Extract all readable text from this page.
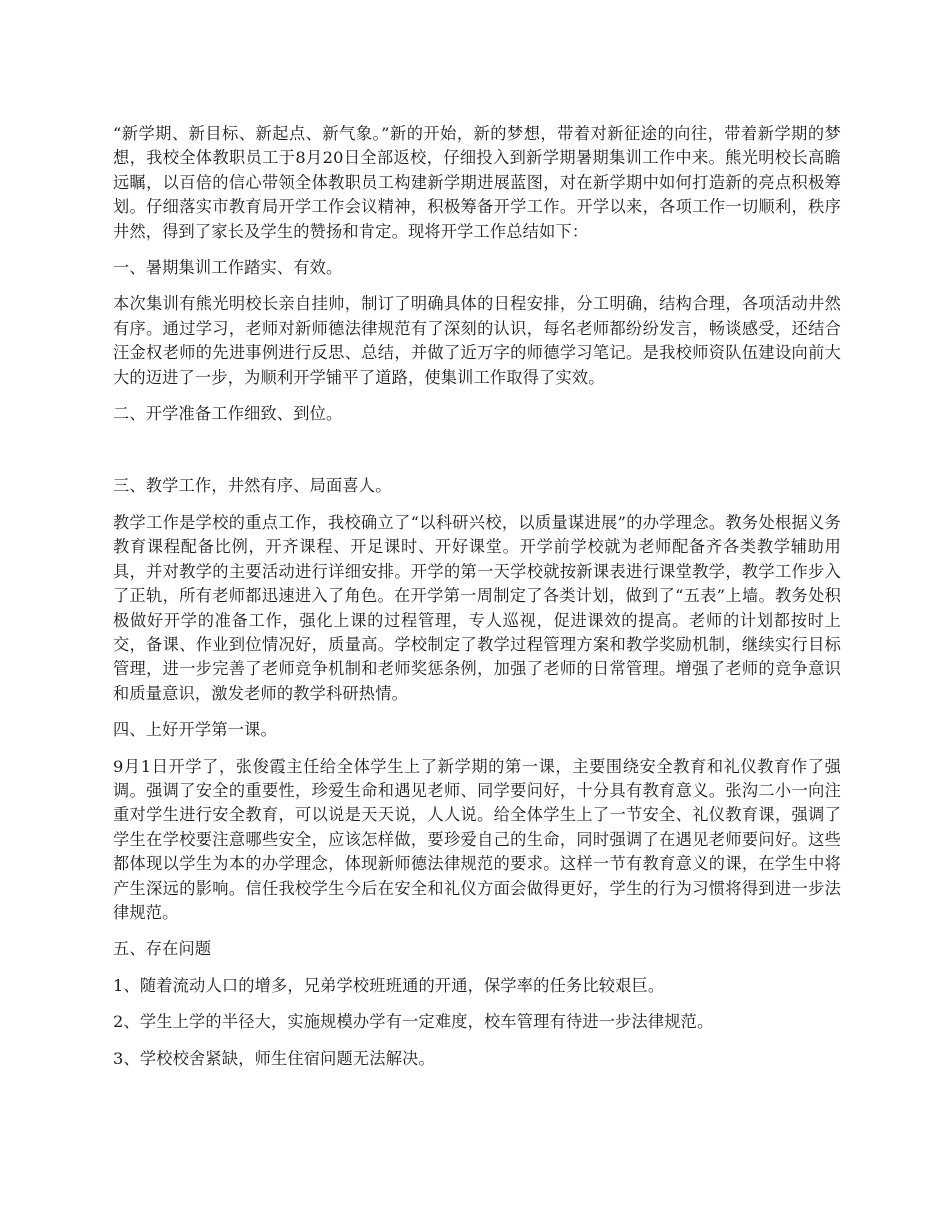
“新学期、新目标、新起点、新气象。”新的开始，新的梦想，带着对新征途的向往，带着新学期的梦想，我校全体教职员工于8月20日全部返校，仔细投入到新学期暑期集训工作中来。熊光明校长高瞻远瞩，以百倍的信心带领全体教职员工构建新学期进展蓝图，对在新学期中如何打造新的亮点积极筹划。仔细落实市教育局开学工作会议精神，积极筹备开学工作。开学以来，各项工作一切顺利，秩序井然，得到了家长及学生的赞扬和肯定。现将开学工作总结如下：

一、暑期集训工作踏实、有效。

本次集训有熊光明校长亲自挂帅，制订了明确具体的日程安排，分工明确，结构合理，各项活动井然有序。通过学习，老师对新师德法律规范有了深刻的认识，每名老师都纷纷发言，畅谈感受，还结合汪金权老师的先进事例进行反思、总结，并做了近万字的师德学习笔记。是我校师资队伍建设向前大大的迈进了一步，为顺利开学铺平了道路，使集训工作取得了实效。

二、开学准备工作细致、到位。

三、教学工作，井然有序、局面喜人。

教学工作是学校的重点工作，我校确立了“以科研兴校，以质量谋进展”的办学理念。教务处根据义务教育课程配备比例，开齐课程、开足课时、开好课堂。开学前学校就为老师配备齐各类教学辅助用具，并对教学的主要活动进行详细安排。开学的第一天学校就按新课表进行课堂教学，教学工作步入了正轨，所有老师都迅速进入了角色。在开学第一周制定了各类计划，做到了“五表”上墙。教务处积极做好开学的准备工作，强化上课的过程管理，专人巡视，促进课效的提高。老师的计划都按时上交，备课、作业到位情况好，质量高。学校制定了教学过程管理方案和教学奖励机制，继续实行目标管理，进一步完善了老师竞争机制和老师奖惩条例，加强了老师的日常管理。增强了老师的竞争意识和质量意识，激发老师的教学科研热情。

四、上好开学第一课。

9月1日开学了，张俊霞主任给全体学生上了新学期的第一课，主要围绕安全教育和礼仪教育作了强调。强调了安全的重要性，珍爱生命和遇见老师、同学要问好，十分具有教育意义。张沟二小一向注重对学生进行安全教育，可以说是天天说，人人说。给全体学生上了一节安全、礼仪教育课，强调了学生在学校要注意哪些安全，应该怎样做，要珍爱自己的生命，同时强调了在遇见老师要问好。这些都体现以学生为本的办学理念，体现新师德法律规范的要求。这样一节有教育意义的课，在学生中将产生深远的影响。信任我校学生今后在安全和礼仪方面会做得更好，学生的行为习惯将得到进一步法律规范。

五、存在问题

1、随着流动人口的增多，兄弟学校班班通的开通，保学率的任务比较艰巨。

2、学生上学的半径大，实施规模办学有一定难度，校车管理有待进一步法律规范。

3、学校校舍紧缺，师生住宿问题无法解决。
